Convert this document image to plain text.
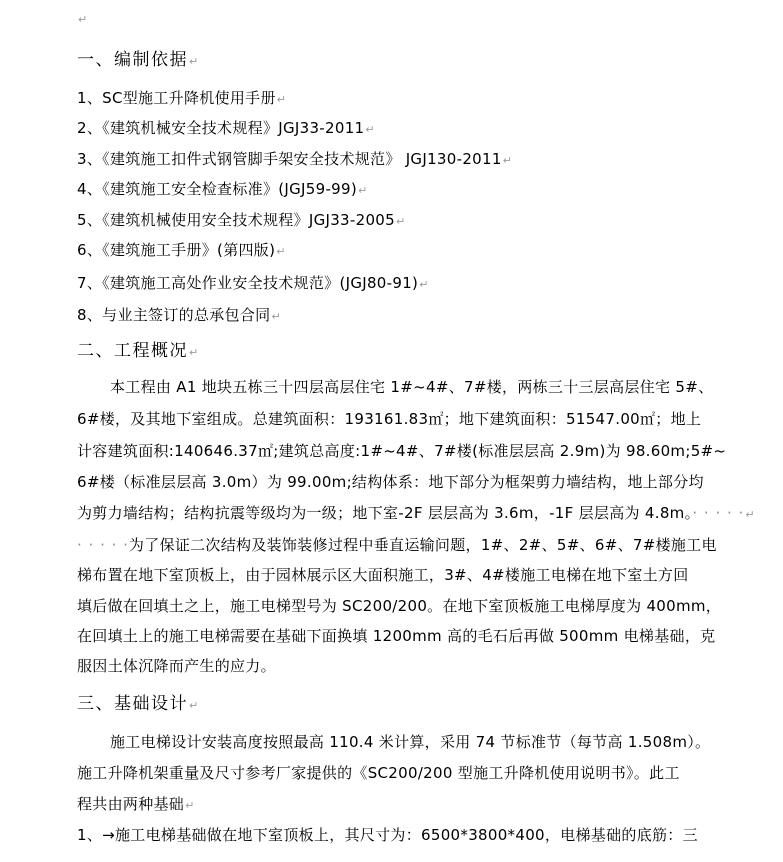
↵
一、编制依据↵
1、SC型施工升降机使用手册↵
2、《建筑机械安全技术规程》JGJ33-2011↵
3、《建筑施工扣件式钢管脚手架安全技术规范》 JGJ130-2011↵
4、《建筑施工安全检查标准》(JGJ59-99)↵
5、《建筑机械使用安全技术规程》JGJ33-2005↵
6、《建筑施工手册》(第四版)↵
7、《建筑施工高处作业安全技术规范》(JGJ80-91)↵
8、与业主签订的总承包合同↵
二、工程概况↵
本工程由 A1 地块五栋三十四层高层住宅 1#~4#、7#楼，两栋三十三层高层住宅 5#、
6#楼，及其地下室组成。总建筑面积：193161.83㎡；地下建筑面积：51547.00㎡；地上
计容建筑面积:140646.37㎡;建筑总高度:1#~4#、7#楼(标准层层高 2.9m)为 98.60m;5#~
6#楼（标准层层高 3.0m）为 99.00m;结构体系：地下部分为框架剪力墙结构，地上部分均
为剪力墙结构；结构抗震等级均为一级；地下室-2F 层层高为 3.6m，-1F 层层高为 4.8m。· · · · ·↵
· · · · ·为了保证二次结构及装饰装修过程中垂直运输问题，1#、2#、5#、6#、7#楼施工电
梯布置在地下室顶板上，由于园林展示区大面积施工，3#、4#楼施工电梯在地下室土方回
填后做在回填土之上，施工电梯型号为 SC200/200。在地下室顶板施工电梯厚度为 400mm，
在回填土上的施工电梯需要在基础下面换填 1200mm 高的毛石后再做 500mm 电梯基础，克
服因土体沉降而产生的应力。
三、基础设计↵
施工电梯设计安装高度按照最高 110.4 米计算，采用 74 节标准节（每节高 1.508m）。
施工升降机架重量及尺寸参考厂家提供的《SC200/200 型施工升降机使用说明书》。此工
程共由两种基础↵
1、→施工电梯基础做在地下室顶板上，其尺寸为：6500*3800*400，电梯基础的底筋：三
